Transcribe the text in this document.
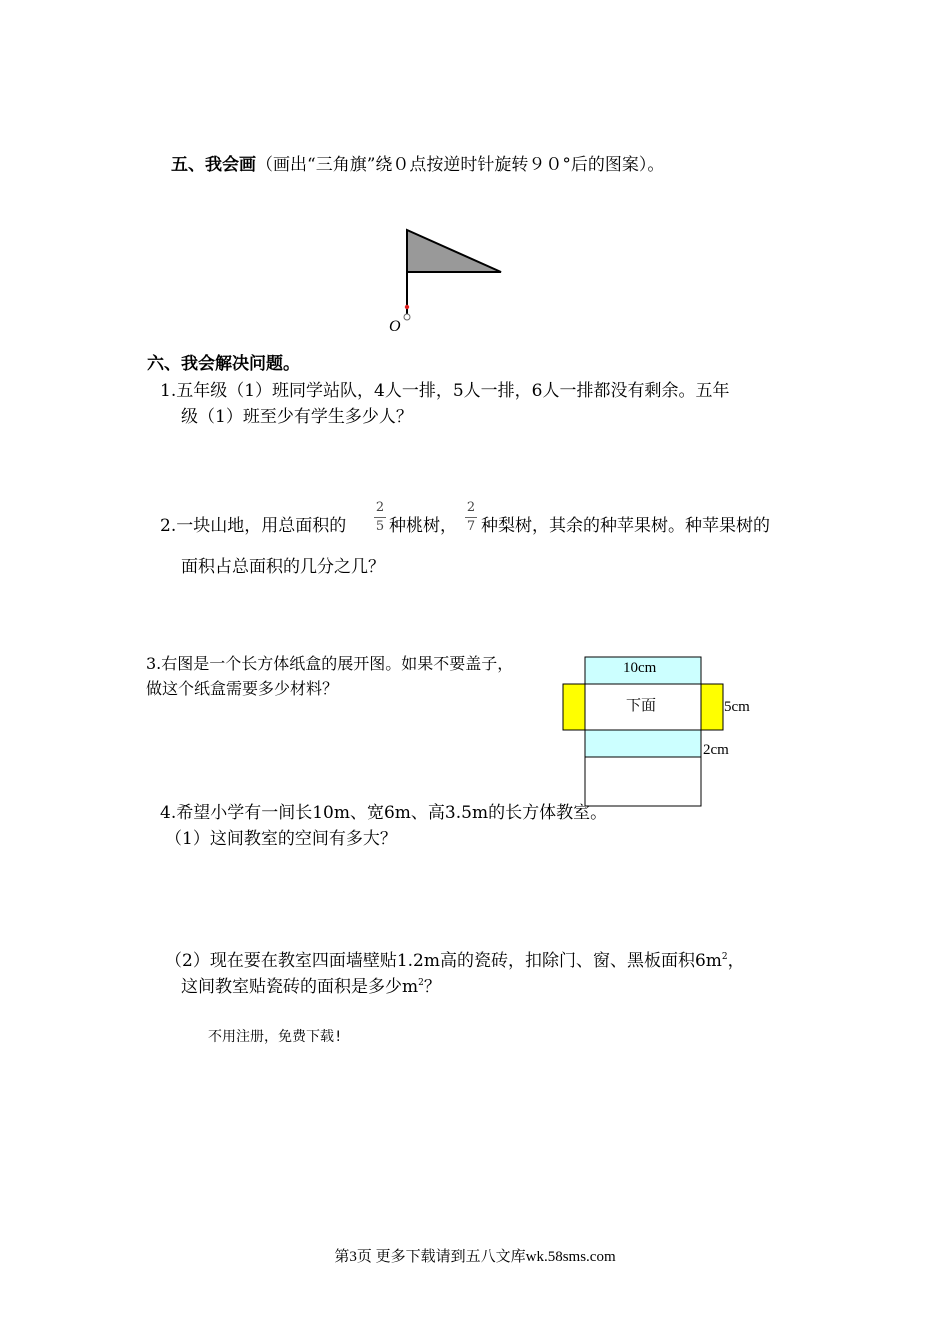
五、我会画（画出“三角旗”绕０点按逆时针旋转９０°后的图案）。
O
六、我会解决问题。
1.五年级（1）班同学站队，4人一排，5人一排，6人一排都没有剩余。五年
级（1）班至少有学生多少人？
2.一块山地，用总面积的
2
5 种桃树，
2
7 种梨树，其余的种苹果树。种苹果树的
面积占总面积的几分之几？
3.右图是一个长方体纸盒的展开图。如果不要盖子，
做这个纸盒需要多少材料？
10cm
下面	5cm
2cm
4.希望小学有一间长10m、宽6m、高3.5m的长方体教室。
（1）这间教室的空间有多大？
（2）现在要在教室四面墙壁贴1.2m高的瓷砖，扣除门、窗、黑板面积$6m^2$，
这间教室贴瓷砖的面积是多少$m^2$？
不用注册，免费下载!
第3页 更多下载请到五八文库wk.58sms.com
